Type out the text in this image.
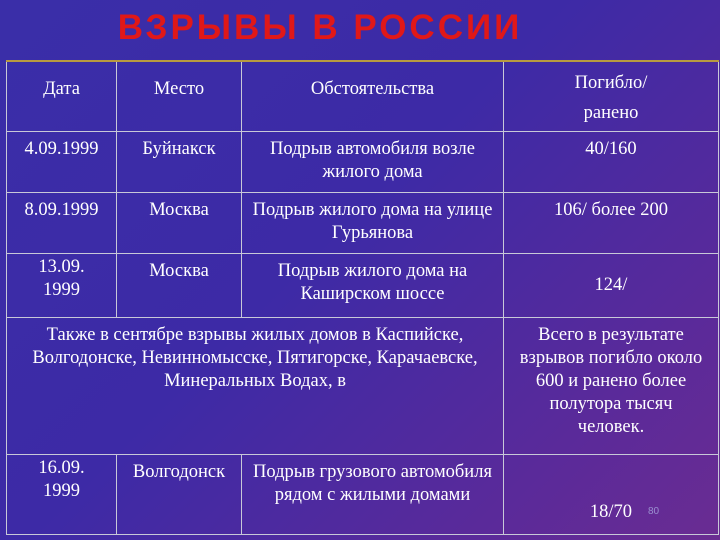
ВЗРЫВЫ В РОССИИ
Дата	Место	Обстоятельства	Погибло/ ранено
4.09.1999	Буйнакск	Подрыв автомобиля возле жилого дома	40/160
8.09.1999	Москва	Подрыв жилого дома на улице Гурьянова	106/ более 200
13.09. 1999	Москва	Подрыв жилого дома на Каширском шоссе	124/
Также в сентябре взрывы жилых домов в Каспийске, Волгодонске, Невинномысске, Пятигорске, Карачаевске, Минеральных Водах, в			Всего в результате взрывов погибло около 600 и ранено более полутора тысяч человек.
16.09. 1999	Волгодонск	Подрыв грузового автомобиля рядом с жилыми домами	18/70 80
